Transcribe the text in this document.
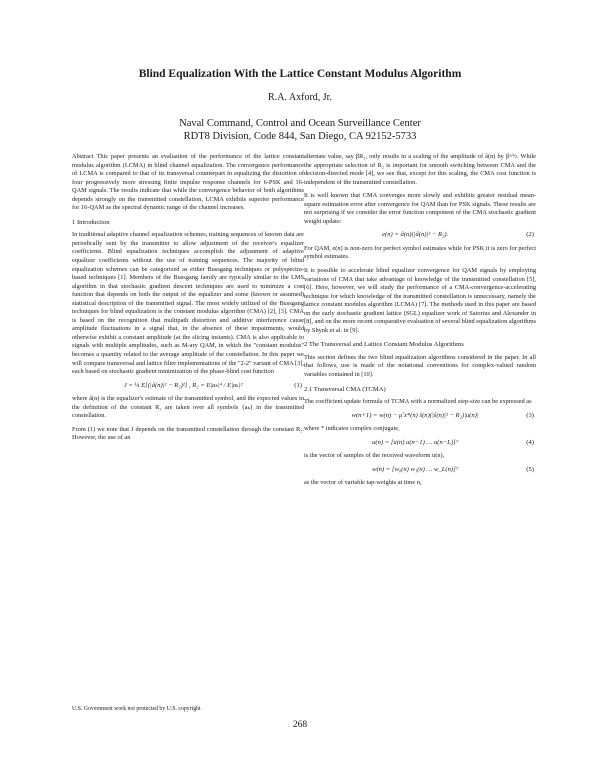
Blind Equalization With the Lattice Constant Modulus Algorithm
R.A. Axford, Jr.
Naval Command, Control and Ocean Surveillance Center
RDT8 Division, Code 844, San Diego, CA 92152-5733

Abstract This paper presents an evaluation of the performance of the lattice constant modulus algorithm (LCMA) in blind channel equalization. The convergence performance of LCMA is compared to that of its transversal counterpart in equalizing the distortion of four progressively more stressing finite impulse response channels for 6-PSK and 16-QAM signals. The results indicate that while the convergence behavior of both algorithms depends strongly on the transmitted constellation, LCMA exhibits superior performance for 16-QAM as the spectral dynamic range of the channel increases.

1 Introduction

In traditional adaptive channel equalization schemes, training sequences of known data are periodically sent by the transmitter to allow adjustment of the receiver's equalizer coefficients. Blind equalization techniques accomplish the adjustment of adaptive equalizer coefficients without the use of training sequences. The majority of blind equalization schemes can be categorized as either Bussgang techniques or polyspectra-based techniques [1]. Members of the Bussgang family are typically similar to the LMS algorithm in that stochastic gradient descent techniques are used to minimize a cost function that depends on both the output of the equalizer and some (known or assumed) statistical description of the transmitted signal. The most widely utilized of the Bussgang techniques for blind equalization is the constant modulus algorithm (CMA) [2], [3]. CMA is based on the recognition that multipath distortion and additive interference cause amplitude fluctuations in a signal that, in the absence of these impairments, would otherwise exhibit a constant amplitude (at the slicing instants). CMA is also applicable to signals with multiple amplitudes, such as M-ary QAM, in which the "constant modulus" becomes a quantity related to the average amplitude of the constellation. In this paper we will compare transversal and lattice filter implementations of the "2-2" variant of CMA [3], each based on stochastic gradient minimization of the phase-blind cost function

J = ¼ E[(|â(n)|² − R₂)²] , R₂ = E|aₖ|⁴ / E|aₖ|²	(1)

where â(n) is the equalizer's estimate of the transmitted symbol, and the expected values in the definition of the constant R₂ are taken over all symbols {aₖ} in the transmitted constellation.

From (1) we note that J depends on the transmitted constellation through the constant R₂. However, the use of an

alternate value, say βR₂, only results in a scaling of the amplitude of â(n) by β^½. While the appropriate selection of R₂ is important for smooth switching between CMA and the decision-directed mode [4], we see that, except for this scaling, the CMA cost function is independent of the transmitted constellation.

It is well known that CMA converges more slowly and exhibits greater residual mean-square estimation error after convergence for QAM than for PSK signals. These results are not surprising if we consider the error function component of the CMA stochastic gradient weight update:

e(n) = â(n)(|â(n)|² − R₂).	(2)

For QAM, e(n) is non-zero for perfect symbol estimates while for PSK it is zero for perfect symbol estimates.

It is possible to accelerate blind equalizer convergence for QAM signals by employing variations of CMA that take advantage of knowledge of the transmitted constellation [5], [6]. Here, however, we will study the performance of a CMA-convergence-accelerating technique for which knowledge of the transmitted constellation is unnecessary, namely the lattice constant modulus algorithm (LCMA) [7]. The methods used in this paper are based on the early stochastic gradient lattice (SGL) equalizer work of Satorius and Alexander in [8], and on the more recent comparative evaluation of several blind equalization algorithms by Shynk et al. in [9].

2 The Transversal and Lattice Constant Modulus Algorithms

This section defines the two blind equalization algorithms considered in the paper. In all that follows, use is made of the notational conventions for complex-valued random variables contained in [10].

2.1 Transversal CMA (TCMA)

The coefficient update formula of TCMA with a normalized step-size can be expressed as

w(n+1) = w(n) − μ̃ x*(n) ŝ(n)(|ŝ(n)|² − R₂)|u(n)|	(3)

where * indicates complex conjugate,

u(n) = [u(n) u(n−1) … u(n−L)]ᵀ	(4)

is the vector of samples of the received waveform u(n),

w(n) = [w₀(n) w₁(n) … w_L(n)]ᵀ	(5)

as the vector of variable tap-weights at time n,

U.S. Government work not protected by U.S. copyright
268
